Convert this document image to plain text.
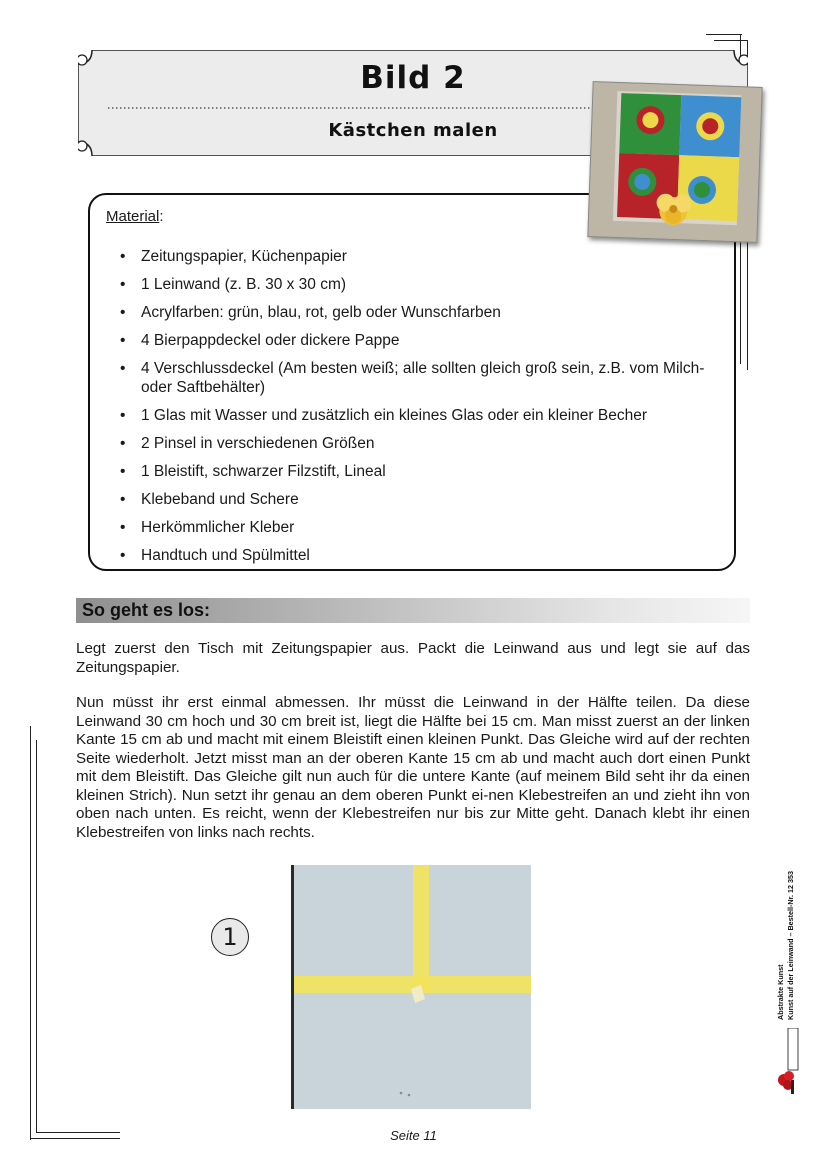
Bild 2
Kästchen malen
Material:
• Zeitungspapier, Küchenpapier
• 1 Leinwand (z. B. 30 x 30 cm)
• Acrylfarben: grün, blau, rot, gelb oder Wunschfarben
• 4 Bierpappdeckel oder dickere Pappe
• 4 Verschlussdeckel (Am besten weiß; alle sollten gleich groß sein, z.B. vom Milch- oder Saftbehälter)
• 1 Glas mit Wasser und zusätzlich ein kleines Glas oder ein kleiner Becher
• 2 Pinsel in verschiedenen Größen
• 1 Bleistift, schwarzer Filzstift, Lineal
• Klebeband und Schere
• Herkömmlicher Kleber
• Handtuch und Spülmittel
So geht es los:
Legt zuerst den Tisch mit Zeitungspapier aus. Packt die Leinwand aus und legt sie auf das Zeitungspapier.
Nun müsst ihr erst einmal abmessen. Ihr müsst die Leinwand in der Hälfte teilen. Da diese Leinwand 30 cm hoch und 30 cm breit ist, liegt die Hälfte bei 15 cm. Man misst zuerst an der linken Kante 15 cm ab und macht mit einem Bleistift einen kleinen Punkt. Das Gleiche wird auf der rechten Seite wiederholt. Jetzt misst man an der oberen Kante 15 cm ab und macht auch dort einen Punkt mit dem Bleistift. Das Gleiche gilt nun auch für die untere Kante (auf meinem Bild seht ihr da einen kleinen Strich). Nun setzt ihr genau an dem oberen Punkt ei-nen Klebestreifen an und zieht ihn von oben nach unten. Es reicht, wenn der Klebestreifen nur bis zur Mitte geht. Danach klebt ihr einen Klebestreifen von links nach rechts.
1
Abstrakte Kunst Kunst auf der Leinwand – Bestell-Nr. 12 353
Seite 11
